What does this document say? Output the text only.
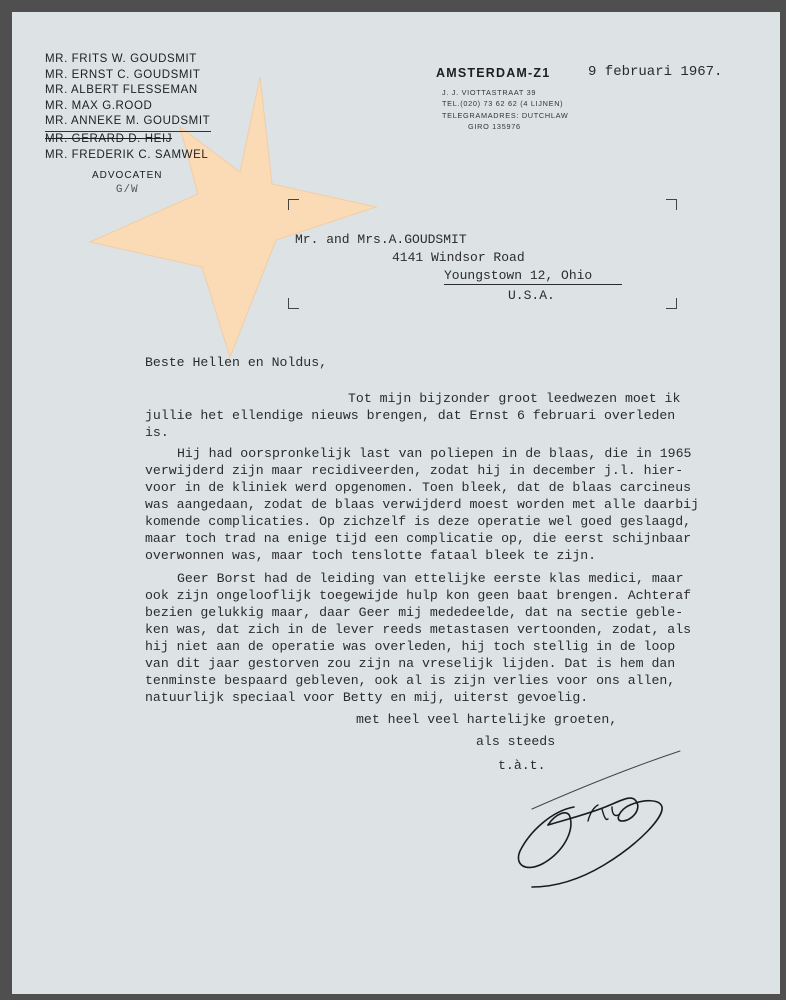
MR. FRITS W. GOUDSMIT
MR. ERNST C. GOUDSMIT
MR. ALBERT FLESSEMAN
MR. MAX G.ROOD
MR. ANNEKE M. GOUDSMIT
MR. GERARD D. HEIJ
MR. FREDERIK C. SAMWEL
ADVOCATEN
G/W
AMSTERDAM-Z1	9 februari 1967.
J. J. VIOTTASTRAAT 39
TEL.(020) 73 62 62 (4 LIJNEN)
TELEGRAMADRES: DUTCHLAW
GIRO 135976
Mr. and Mrs.A.GOUDSMIT
4141 Windsor Road
Youngstown 12, Ohio
U.S.A.
Beste Hellen en Noldus,
Tot mijn bijzonder groot leedwezen moet ik
jullie het ellendige nieuws brengen, dat Ernst 6 februari overleden
is.
Hij had oorspronkelijk last van poliepen in de blaas, die in 1965
verwijderd zijn maar recidiveerden, zodat hij in december j.l. hier-
voor in de kliniek werd opgenomen. Toen bleek, dat de blaas carcineus
was aangedaan, zodat de blaas verwijderd moest worden met alle daarbij
komende complicaties. Op zichzelf is deze operatie wel goed geslaagd,
maar toch trad na enige tijd een complicatie op, die eerst schijnbaar
overwonnen was, maar toch tenslotte fataal bleek te zijn.
Geer Borst had de leiding van ettelijke eerste klas medici, maar
ook zijn ongelooflijk toegewijde hulp kon geen baat brengen. Achteraf
bezien gelukkig maar, daar Geer mij mededeelde, dat na sectie geble-
ken was, dat zich in de lever reeds metastasen vertoonden, zodat, als
hij niet aan de operatie was overleden, hij toch stellig in de loop
van dit jaar gestorven zou zijn na vreselijk lijden. Dat is hem dan
tenminste bespaard gebleven, ook al is zijn verlies voor ons allen,
natuurlijk speciaal voor Betty en mij, uiterst gevoelig.
met heel veel hartelijke groeten,
als steeds
t.à.t.
